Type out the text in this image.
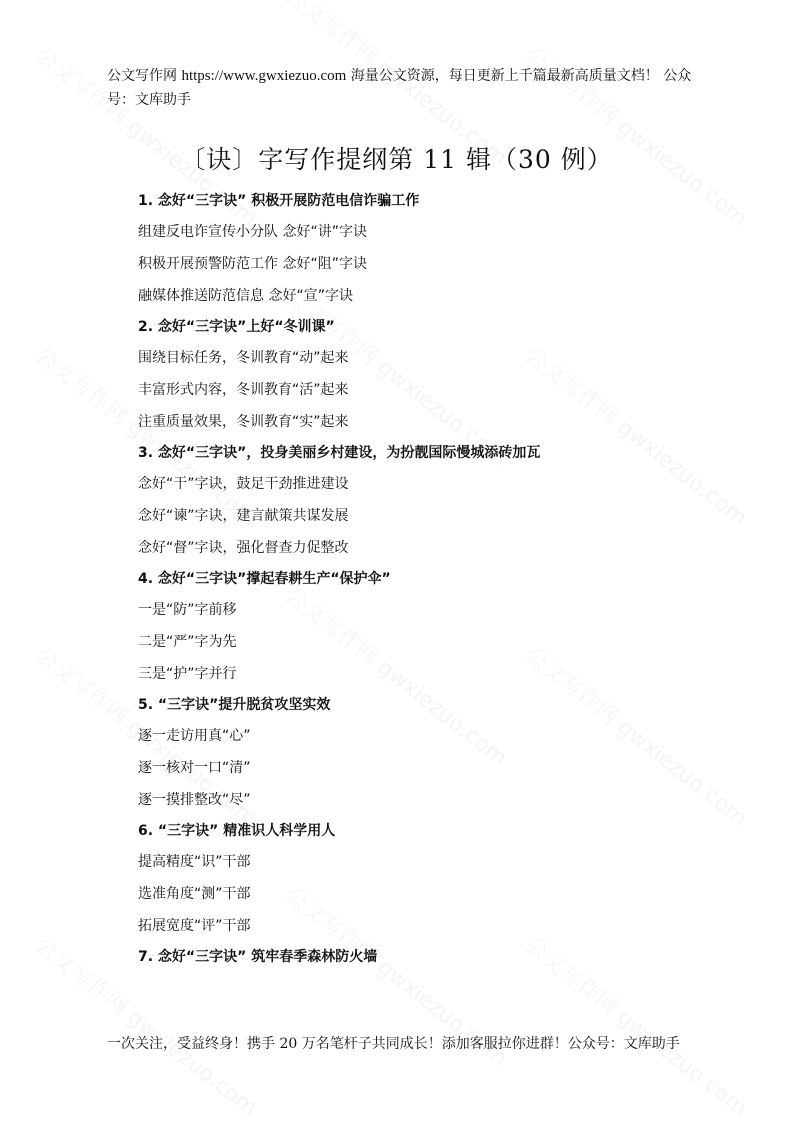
公文写作网 https://www.gwxiezuo.com 海量公文资源，每日更新上千篇最新高质量文档！ 公众号：文库助手
〔诀〕字写作提纲第 11 辑（30 例）
1. 念好“三字诀” 积极开展防范电信诈骗工作
组建反电诈宣传小分队 念好“讲”字诀
积极开展预警防范工作 念好“阻”字诀
融媒体推送防范信息 念好“宣”字诀
2. 念好“三字诀”上好“冬训课”
围绕目标任务，冬训教育“动”起来
丰富形式内容，冬训教育“活”起来
注重质量效果，冬训教育“实”起来
3. 念好“三字诀”，投身美丽乡村建设，为扮靓国际慢城添砖加瓦
念好“干”字诀，鼓足干劲推进建设
念好“谏”字诀，建言献策共谋发展
念好“督”字诀，强化督查力促整改
4. 念好“三字诀”撑起春耕生产“保护伞”
一是“防”字前移
二是“严”字为先
三是“护”字并行
5. “三字诀”提升脱贫攻坚实效
逐一走访用真“心”
逐一核对一口“清”
逐一摸排整改“尽”
6. “三字诀” 精准识人科学用人
提高精度“识”干部
选准角度“测”干部
拓展宽度“评”干部
7. 念好“三字诀” 筑牢春季森林防火墙
一次关注，受益终身！携手 20 万名笔杆子共同成长！添加客服拉你进群！公众号：文库助手
